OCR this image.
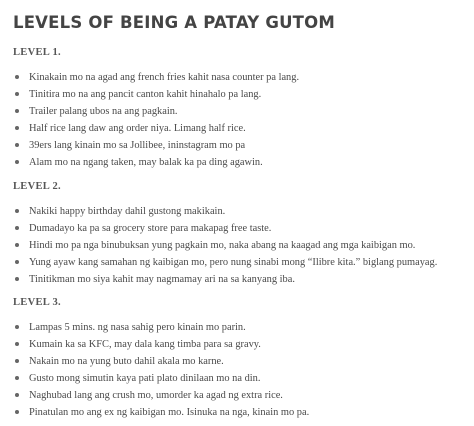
LEVELS OF BEING A PATAY GUTOM
LEVEL 1.
Kinakain mo na agad ang french fries kahit nasa counter pa lang.
Tinitira mo na ang pancit canton kahit hinahalo pa lang.
Trailer palang ubos na ang pagkain.
Half rice lang daw ang order niya. Limang half rice.
39ers lang kinain mo sa Jollibee, ininstagram mo pa
Alam mo na ngang taken, may balak ka pa ding agawin.
LEVEL 2.
Nakiki happy birthday dahil gustong makikain.
Dumadayo ka pa sa grocery store para makapag free taste.
Hindi mo pa nga binubuksan yung pagkain mo, naka abang na kaagad ang mga kaibigan mo.
Yung ayaw kang samahan ng kaibigan mo, pero nung sinabi mong “Ilibre kita.” biglang pumayag.
Tinitikman mo siya kahit may nagmamay ari na sa kanyang iba.
LEVEL 3.
Lampas 5 mins. ng nasa sahig pero kinain mo parin.
Kumain ka sa KFC, may dala kang timba para sa gravy.
Nakain mo na yung buto dahil akala mo karne.
Gusto mong simutin kaya pati plato dinilaan mo na din.
Naghubad lang ang crush mo, umorder ka agad ng extra rice.
Pinatulan mo ang ex ng kaibigan mo. Isinuka na nga, kinain mo pa.
